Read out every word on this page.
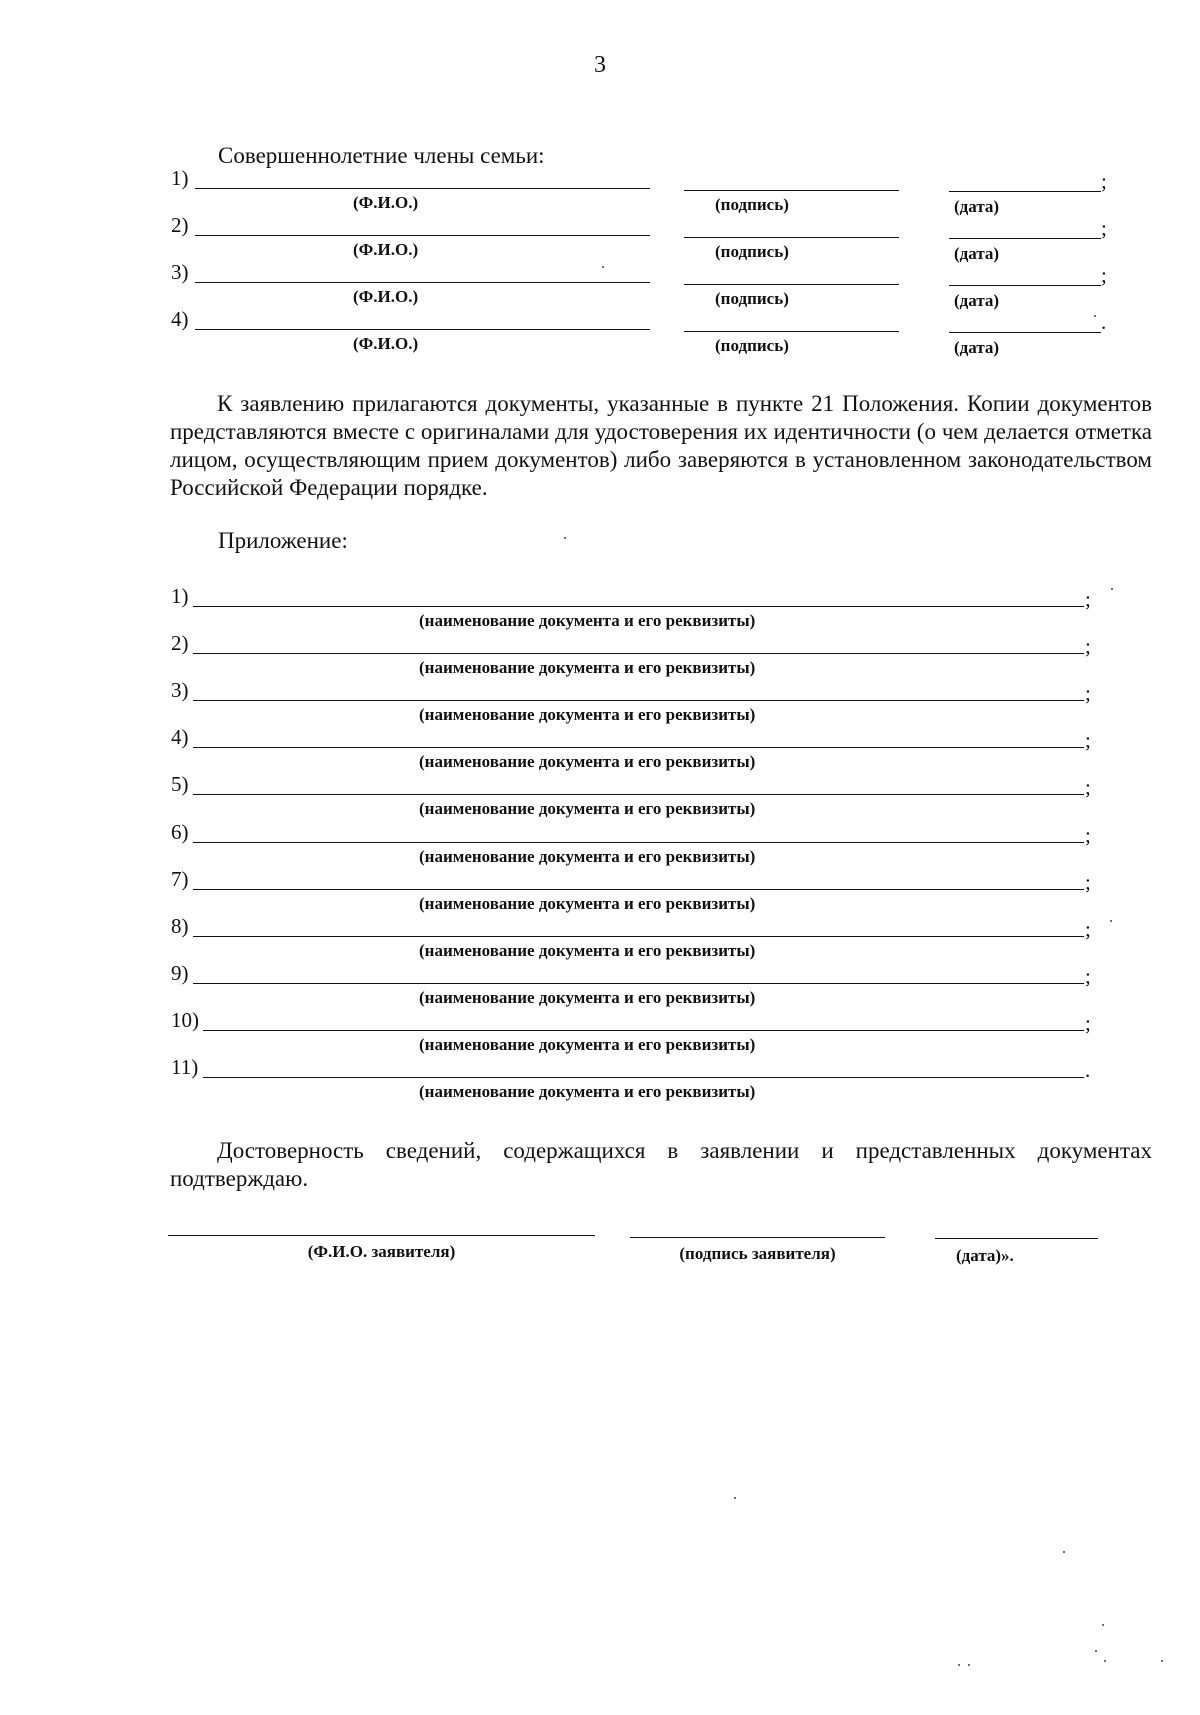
3
Совершеннолетние члены семьи:
1)
(Ф.И.О.)	(подпись)	(дата)
;
2)
(Ф.И.О.)	(подпись)	(дата)
;
3)
(Ф.И.О.)	(подпись)	(дата)
;
4)
(Ф.И.О.)	(подпись)	(дата)
.
К заявлению прилагаются документы, указанные в пункте 21 Положения. Копии документов представляются вместе с оригиналами для удостоверения их идентичности (о чем делается отметка лицом, осуществляющим прием документов) либо заверяются в установленном законодательством Российской Федерации порядке.
Приложение:
1)	;
(наименование документа и его реквизиты)
2)	;
(наименование документа и его реквизиты)
3)	;
(наименование документа и его реквизиты)
4)	;
(наименование документа и его реквизиты)
5)	;
(наименование документа и его реквизиты)
6)	;
(наименование документа и его реквизиты)
7)	;
(наименование документа и его реквизиты)
8)	;
(наименование документа и его реквизиты)
9)	;
(наименование документа и его реквизиты)
10)	;
(наименование документа и его реквизиты)
11)	.
(наименование документа и его реквизиты)
Достоверность сведений, содержащихся в заявлении и представленных документах подтверждаю.
(Ф.И.О. заявителя)	(подпись заявителя)	(дата)».
